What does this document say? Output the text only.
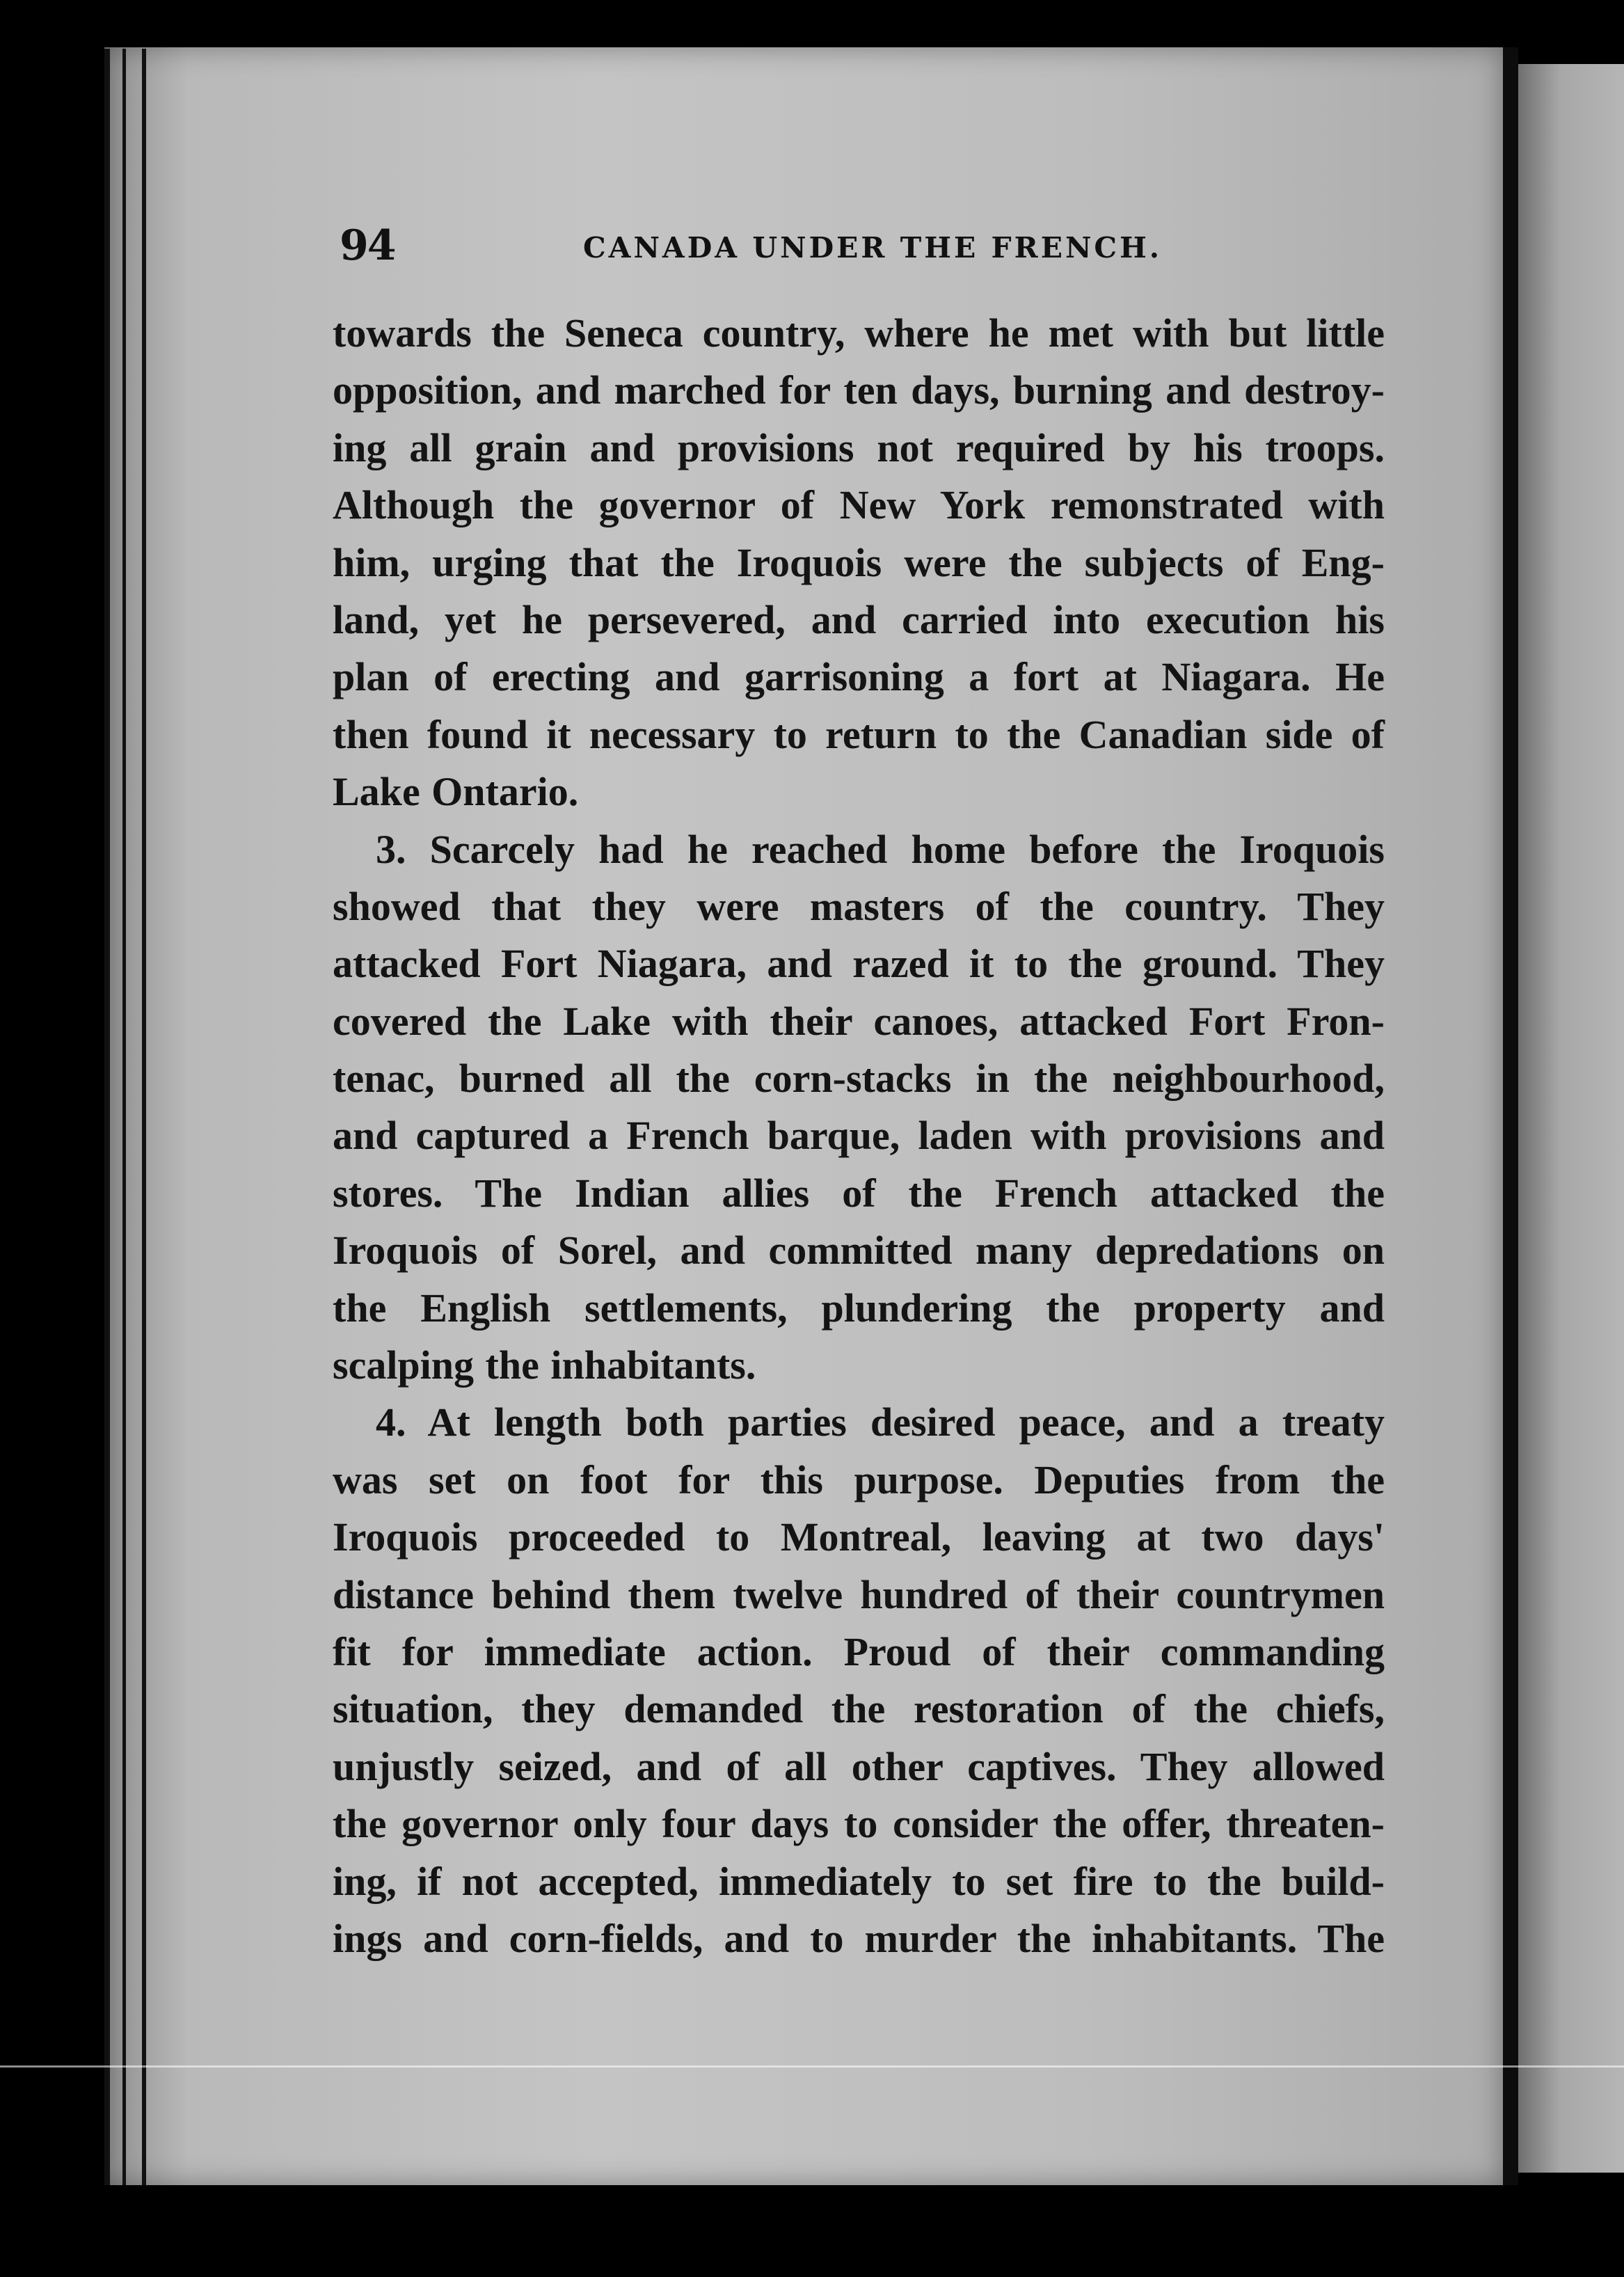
94	CANADA UNDER THE FRENCH.
towards the Seneca country, where he met with but little
opposition, and marched for ten days, burning and destroy-
ing all grain and provisions not required by his troops.
Although the governor of New York remonstrated with
him, urging that the Iroquois were the subjects of Eng-
land, yet he persevered, and carried into execution his
plan of erecting and garrisoning a fort at Niagara. He
then found it necessary to return to the Canadian side of
Lake Ontario.
3. Scarcely had he reached home before the Iroquois
showed that they were masters of the country. They
attacked Fort Niagara, and razed it to the ground. They
covered the Lake with their canoes, attacked Fort Fron-
tenac, burned all the corn-stacks in the neighbourhood,
and captured a French barque, laden with provisions and
stores. The Indian allies of the French attacked the
Iroquois of Sorel, and committed many depredations on
the English settlements, plundering the property and
scalping the inhabitants.
4. At length both parties desired peace, and a treaty
was set on foot for this purpose. Deputies from the
Iroquois proceeded to Montreal, leaving at two days'
distance behind them twelve hundred of their countrymen
fit for immediate action. Proud of their commanding
situation, they demanded the restoration of the chiefs,
unjustly seized, and of all other captives. They allowed
the governor only four days to consider the offer, threaten-
ing, if not accepted, immediately to set fire to the build-
ings and corn-fields, and to murder the inhabitants. The
